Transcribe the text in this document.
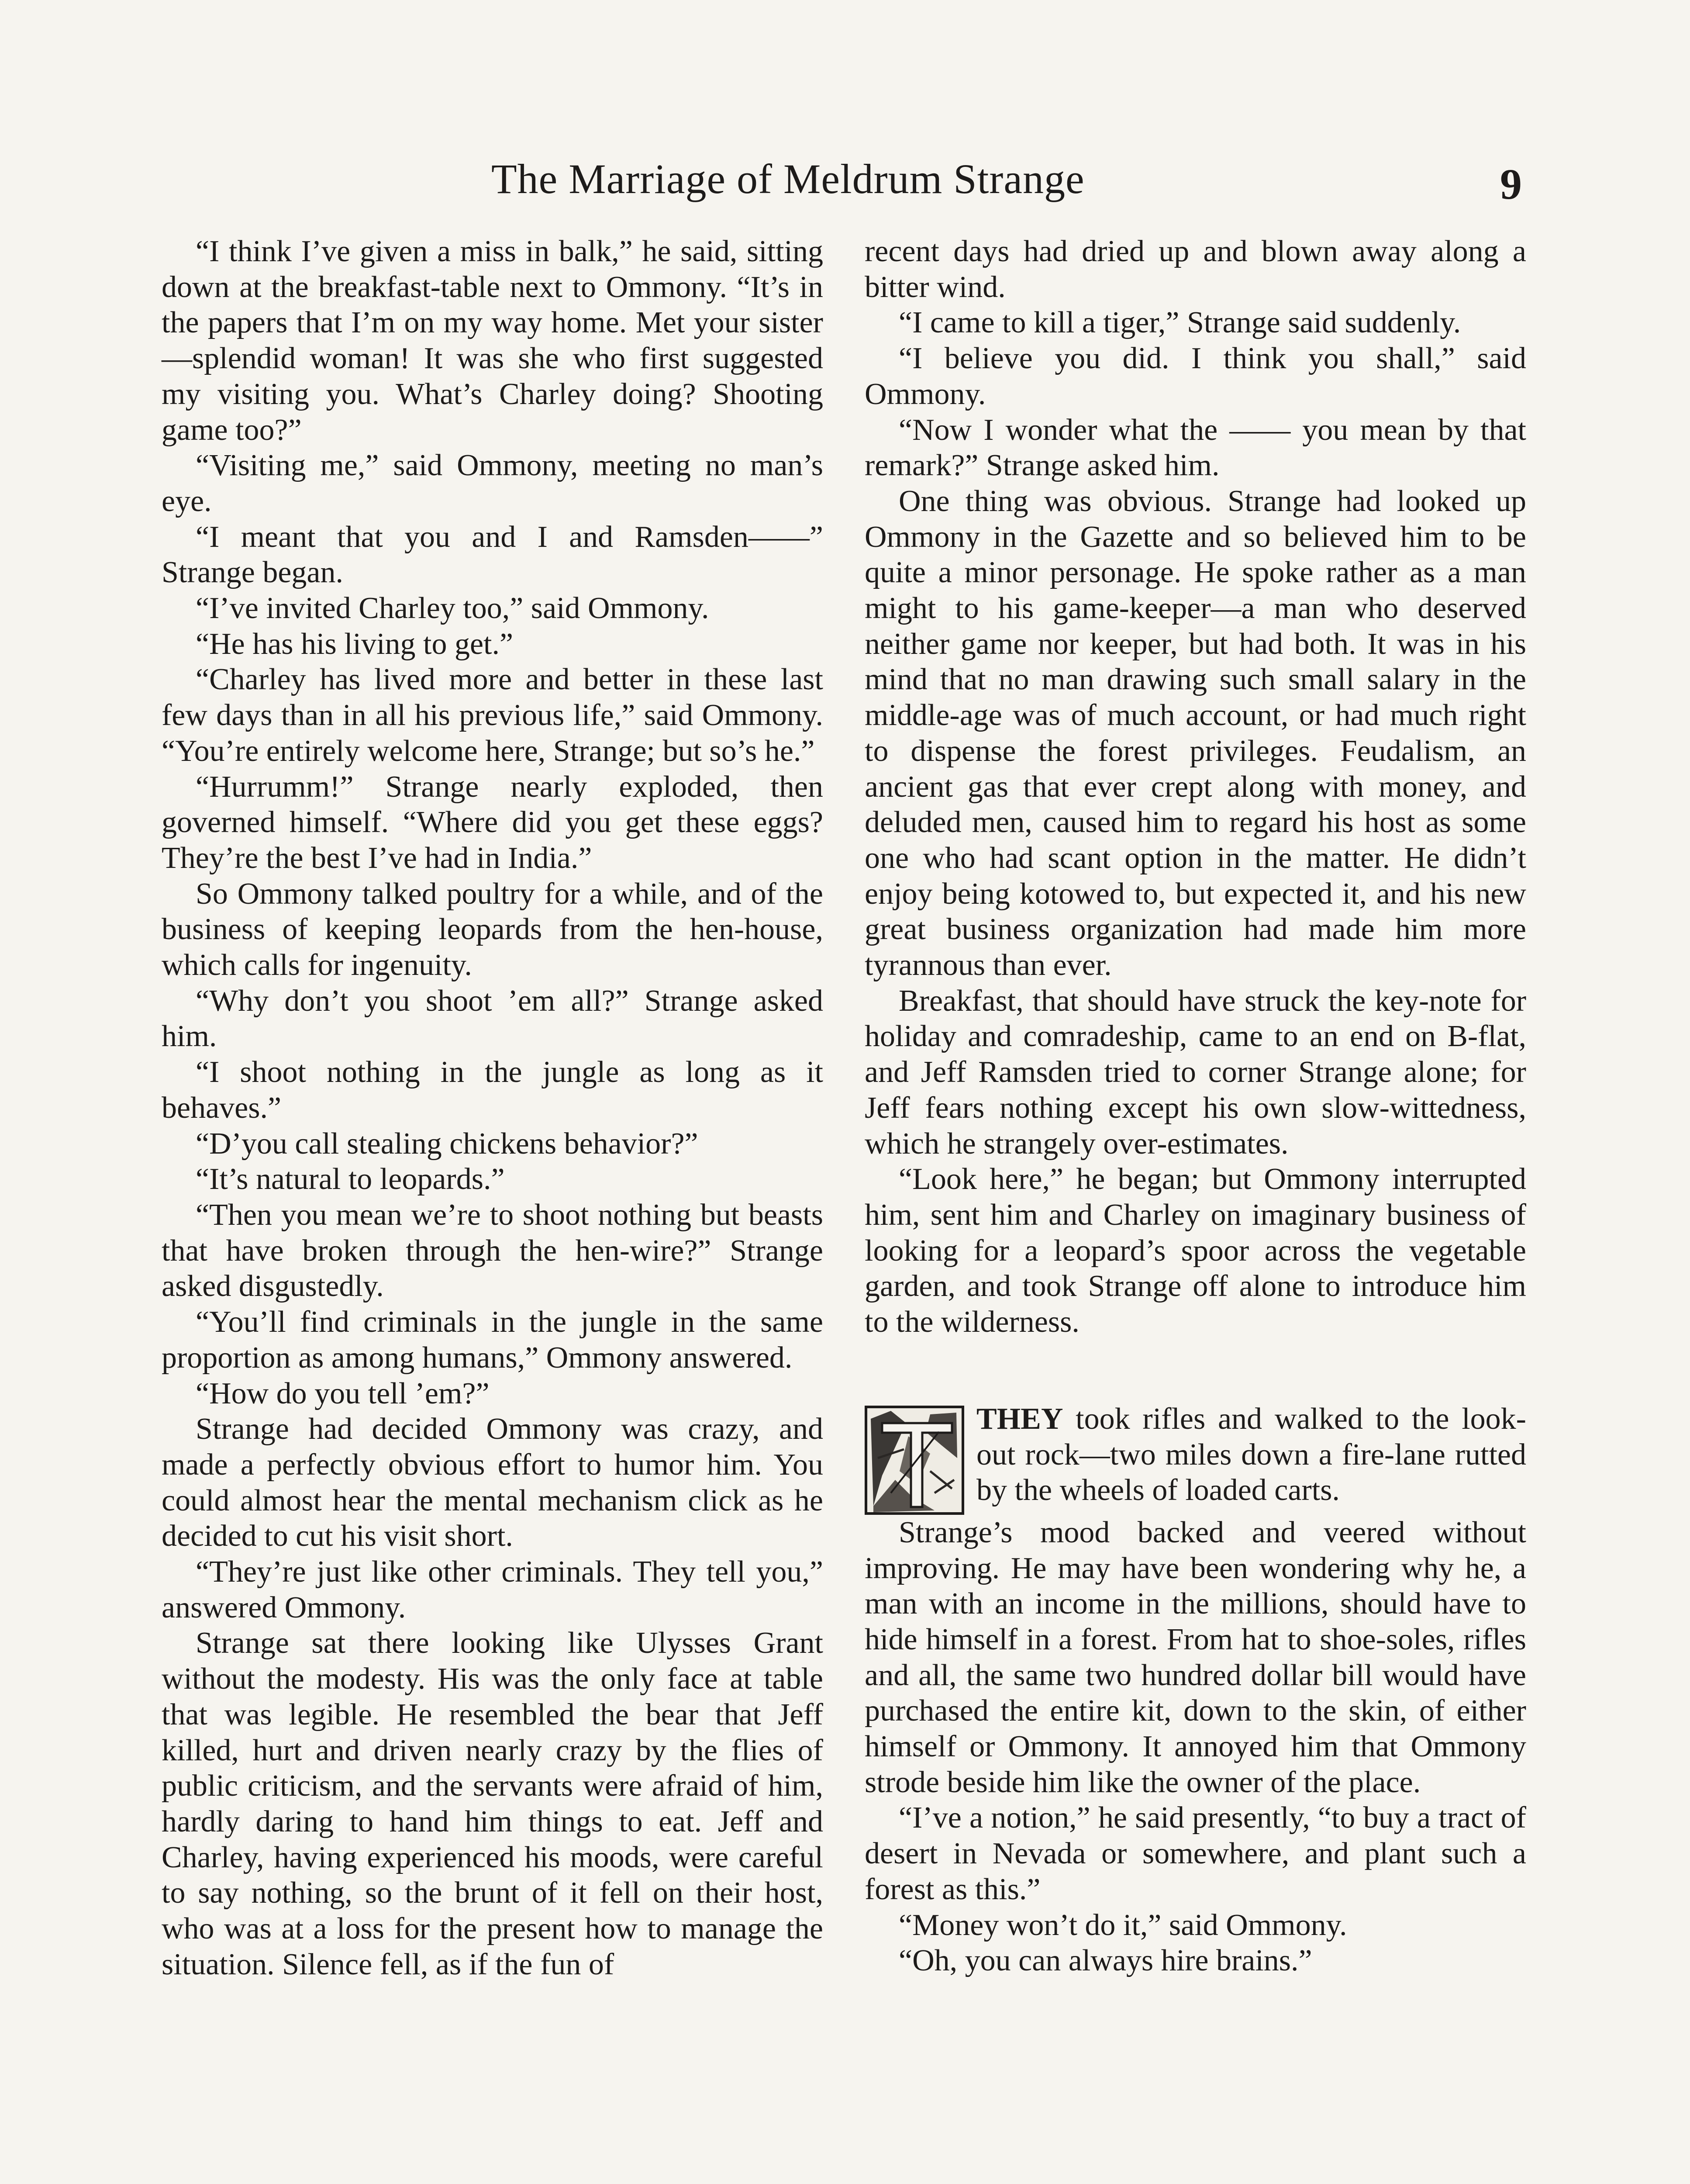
The Marriage of Meldrum Strange	9

“I think I’ve given a miss in balk,” he said, sitting down at the breakfast-table next to Ommony. “It’s in the papers that I’m on my way home. Met your sister—splendid woman! It was she who first suggested my visiting you. What’s Charley doing? Shooting game too?”

“Visiting me,” said Ommony, meeting no man’s eye.

“I meant that you and I and Ramsden——” Strange began.

“I’ve invited Charley too,” said Ommony.

“He has his living to get.”

“Charley has lived more and better in these last few days than in all his previous life,” said Ommony. “You’re entirely welcome here, Strange; but so’s he.”

“Hurrumm!” Strange nearly exploded, then governed himself. “Where did you get these eggs? They’re the best I’ve had in India.”

So Ommony talked poultry for a while, and of the business of keeping leopards from the hen-house, which calls for ingenuity.

“Why don’t you shoot ’em all?” Strange asked him.

“I shoot nothing in the jungle as long as it behaves.”

“D’you call stealing chickens behavior?”

“It’s natural to leopards.”

“Then you mean we’re to shoot nothing but beasts that have broken through the hen-wire?” Strange asked disgustedly.

“You’ll find criminals in the jungle in the same proportion as among humans,” Ommony answered.

“How do you tell ’em?”

Strange had decided Ommony was crazy, and made a perfectly obvious effort to humor him. You could almost hear the mental mechanism click as he decided to cut his visit short.

“They’re just like other criminals. They tell you,” answered Ommony.

Strange sat there looking like Ulysses Grant without the modesty. His was the only face at table that was legible. He resembled the bear that Jeff killed, hurt and driven nearly crazy by the flies of public criticism, and the servants were afraid of him, hardly daring to hand him things to eat. Jeff and Charley, having experienced his moods, were careful to say nothing, so the brunt of it fell on their host, who was at a loss for the present how to manage the situation. Silence fell, as if the fun of

recent days had dried up and blown away along a bitter wind.

“I came to kill a tiger,” Strange said suddenly.

“I believe you did. I think you shall,” said Ommony.

“Now I wonder what the —— you mean by that remark?” Strange asked him.

One thing was obvious. Strange had looked up Ommony in the Gazette and so believed him to be quite a minor personage. He spoke rather as a man might to his game-keeper—a man who deserved neither game nor keeper, but had both. It was in his mind that no man drawing such small salary in the middle-age was of much account, or had much right to dispense the forest privileges. Feudalism, an ancient gas that ever crept along with money, and deluded men, caused him to regard his host as some one who had scant option in the matter. He didn’t enjoy being kotowed to, but expected it, and his new great business organization had made him more tyrannous than ever.

Breakfast, that should have struck the key-note for holiday and comradeship, came to an end on B-flat, and Jeff Ramsden tried to corner Strange alone; for Jeff fears nothing except his own slow-wittedness, which he strangely over-estimates.

“Look here,” he began; but Ommony interrupted him, sent him and Charley on imaginary business of looking for a leopard’s spoor across the vegetable garden, and took Strange off alone to introduce him to the wilderness.

THEY took rifles and walked to the look-out rock—two miles down a fire-lane rutted by the wheels of loaded carts.

Strange’s mood backed and veered without improving. He may have been wondering why he, a man with an income in the millions, should have to hide himself in a forest. From hat to shoe-soles, rifles and all, the same two hundred dollar bill would have purchased the entire kit, down to the skin, of either himself or Ommony. It annoyed him that Ommony strode beside him like the owner of the place.

“I’ve a notion,” he said presently, “to buy a tract of desert in Nevada or somewhere, and plant such a forest as this.”

“Money won’t do it,” said Ommony.

“Oh, you can always hire brains.”
